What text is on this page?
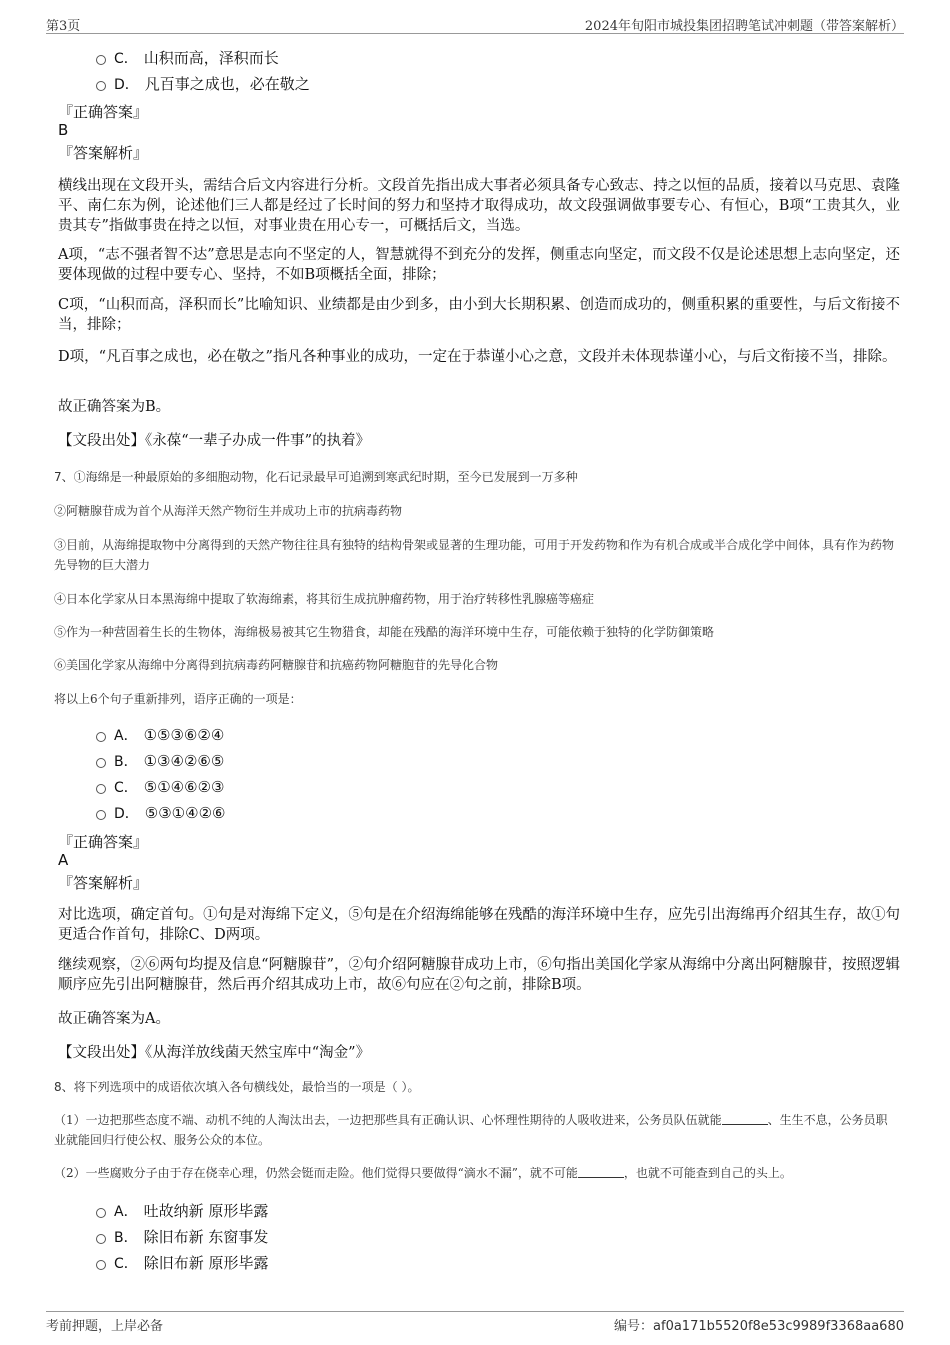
第3页	2024年旬阳市城投集团招聘笔试冲刺题（带答案解析）
C． 山积而高，泽积而长
D． 凡百事之成也，必在敬之
『正确答案』
B
『答案解析』
横线出现在文段开头，需结合后文内容进行分析。文段首先指出成大事者必须具备专心致志、持之以恒的品质，接着以马克思、袁隆平、南仁东为例，论述他们三人都是经过了长时间的努力和坚持才取得成功，故文段强调做事要专心、有恒心，B项“工贵其久，业贵其专”指做事贵在持之以恒，对事业贵在用心专一，可概括后文，当选。
A项，“志不强者智不达”意思是志向不坚定的人，智慧就得不到充分的发挥，侧重志向坚定，而文段不仅是论述思想上志向坚定，还要体现做的过程中要专心、坚持，不如B项概括全面，排除；
C项，“山积而高，泽积而长”比喻知识、业绩都是由少到多，由小到大长期积累、创造而成功的，侧重积累的重要性，与后文衔接不当，排除；
D项，“凡百事之成也，必在敬之”指凡各种事业的成功，一定在于恭谨小心之意，文段并未体现恭谨小心，与后文衔接不当，排除。
故正确答案为B。
【文段出处】《永葆“一辈子办成一件事”的执着》
7、①海绵是一种最原始的多细胞动物，化石记录最早可追溯到寒武纪时期，至今已发展到一万多种
②阿糖腺苷成为首个从海洋天然产物衍生并成功上市的抗病毒药物
③目前，从海绵提取物中分离得到的天然产物往往具有独特的结构骨架或显著的生理功能，可用于开发药物和作为有机合成或半合成化学中间体，具有作为药物先导物的巨大潜力
④日本化学家从日本黑海绵中提取了软海绵素，将其衍生成抗肿瘤药物，用于治疗转移性乳腺癌等癌症
⑤作为一种营固着生长的生物体，海绵极易被其它生物猎食，却能在残酷的海洋环境中生存，可能依赖于独特的化学防御策略
⑥美国化学家从海绵中分离得到抗病毒药阿糖腺苷和抗癌药物阿糖胞苷的先导化合物
将以上6个句子重新排列，语序正确的一项是：
A． ①⑤③⑥②④
B． ①③④②⑥⑤
C． ⑤①④⑥②③
D． ⑤③①④②⑥
『正确答案』
A
『答案解析』
对比选项，确定首句。①句是对海绵下定义，⑤句是在介绍海绵能够在残酷的海洋环境中生存，应先引出海绵再介绍其生存，故①句更适合作首句，排除C、D两项。
继续观察，②⑥两句均提及信息“阿糖腺苷”，②句介绍阿糖腺苷成功上市，⑥句指出美国化学家从海绵中分离出阿糖腺苷，按照逻辑顺序应先引出阿糖腺苷，然后再介绍其成功上市，故⑥句应在②句之前，排除B项。
故正确答案为A。
【文段出处】《从海洋放线菌天然宝库中“淘金”》
8、将下列选项中的成语依次填入各句横线处，最恰当的一项是（ ）。
（1）一边把那些态度不端、动机不纯的人淘汰出去，一边把那些具有正确认识、心怀理性期待的人吸收进来，公务员队伍就能	、生生不息，公务员职业就能回归行使公权、服务公众的本位。
（2）一些腐败分子由于存在侥幸心理，仍然会铤而走险。他们觉得只要做得“滴水不漏”，就不可能	，也就不可能查到自己的头上。
A． 吐故纳新 原形毕露
B． 除旧布新 东窗事发
C． 除旧布新 原形毕露
考前押题，上岸必备	编号：af0a171b5520f8e53c9989f3368aa680
